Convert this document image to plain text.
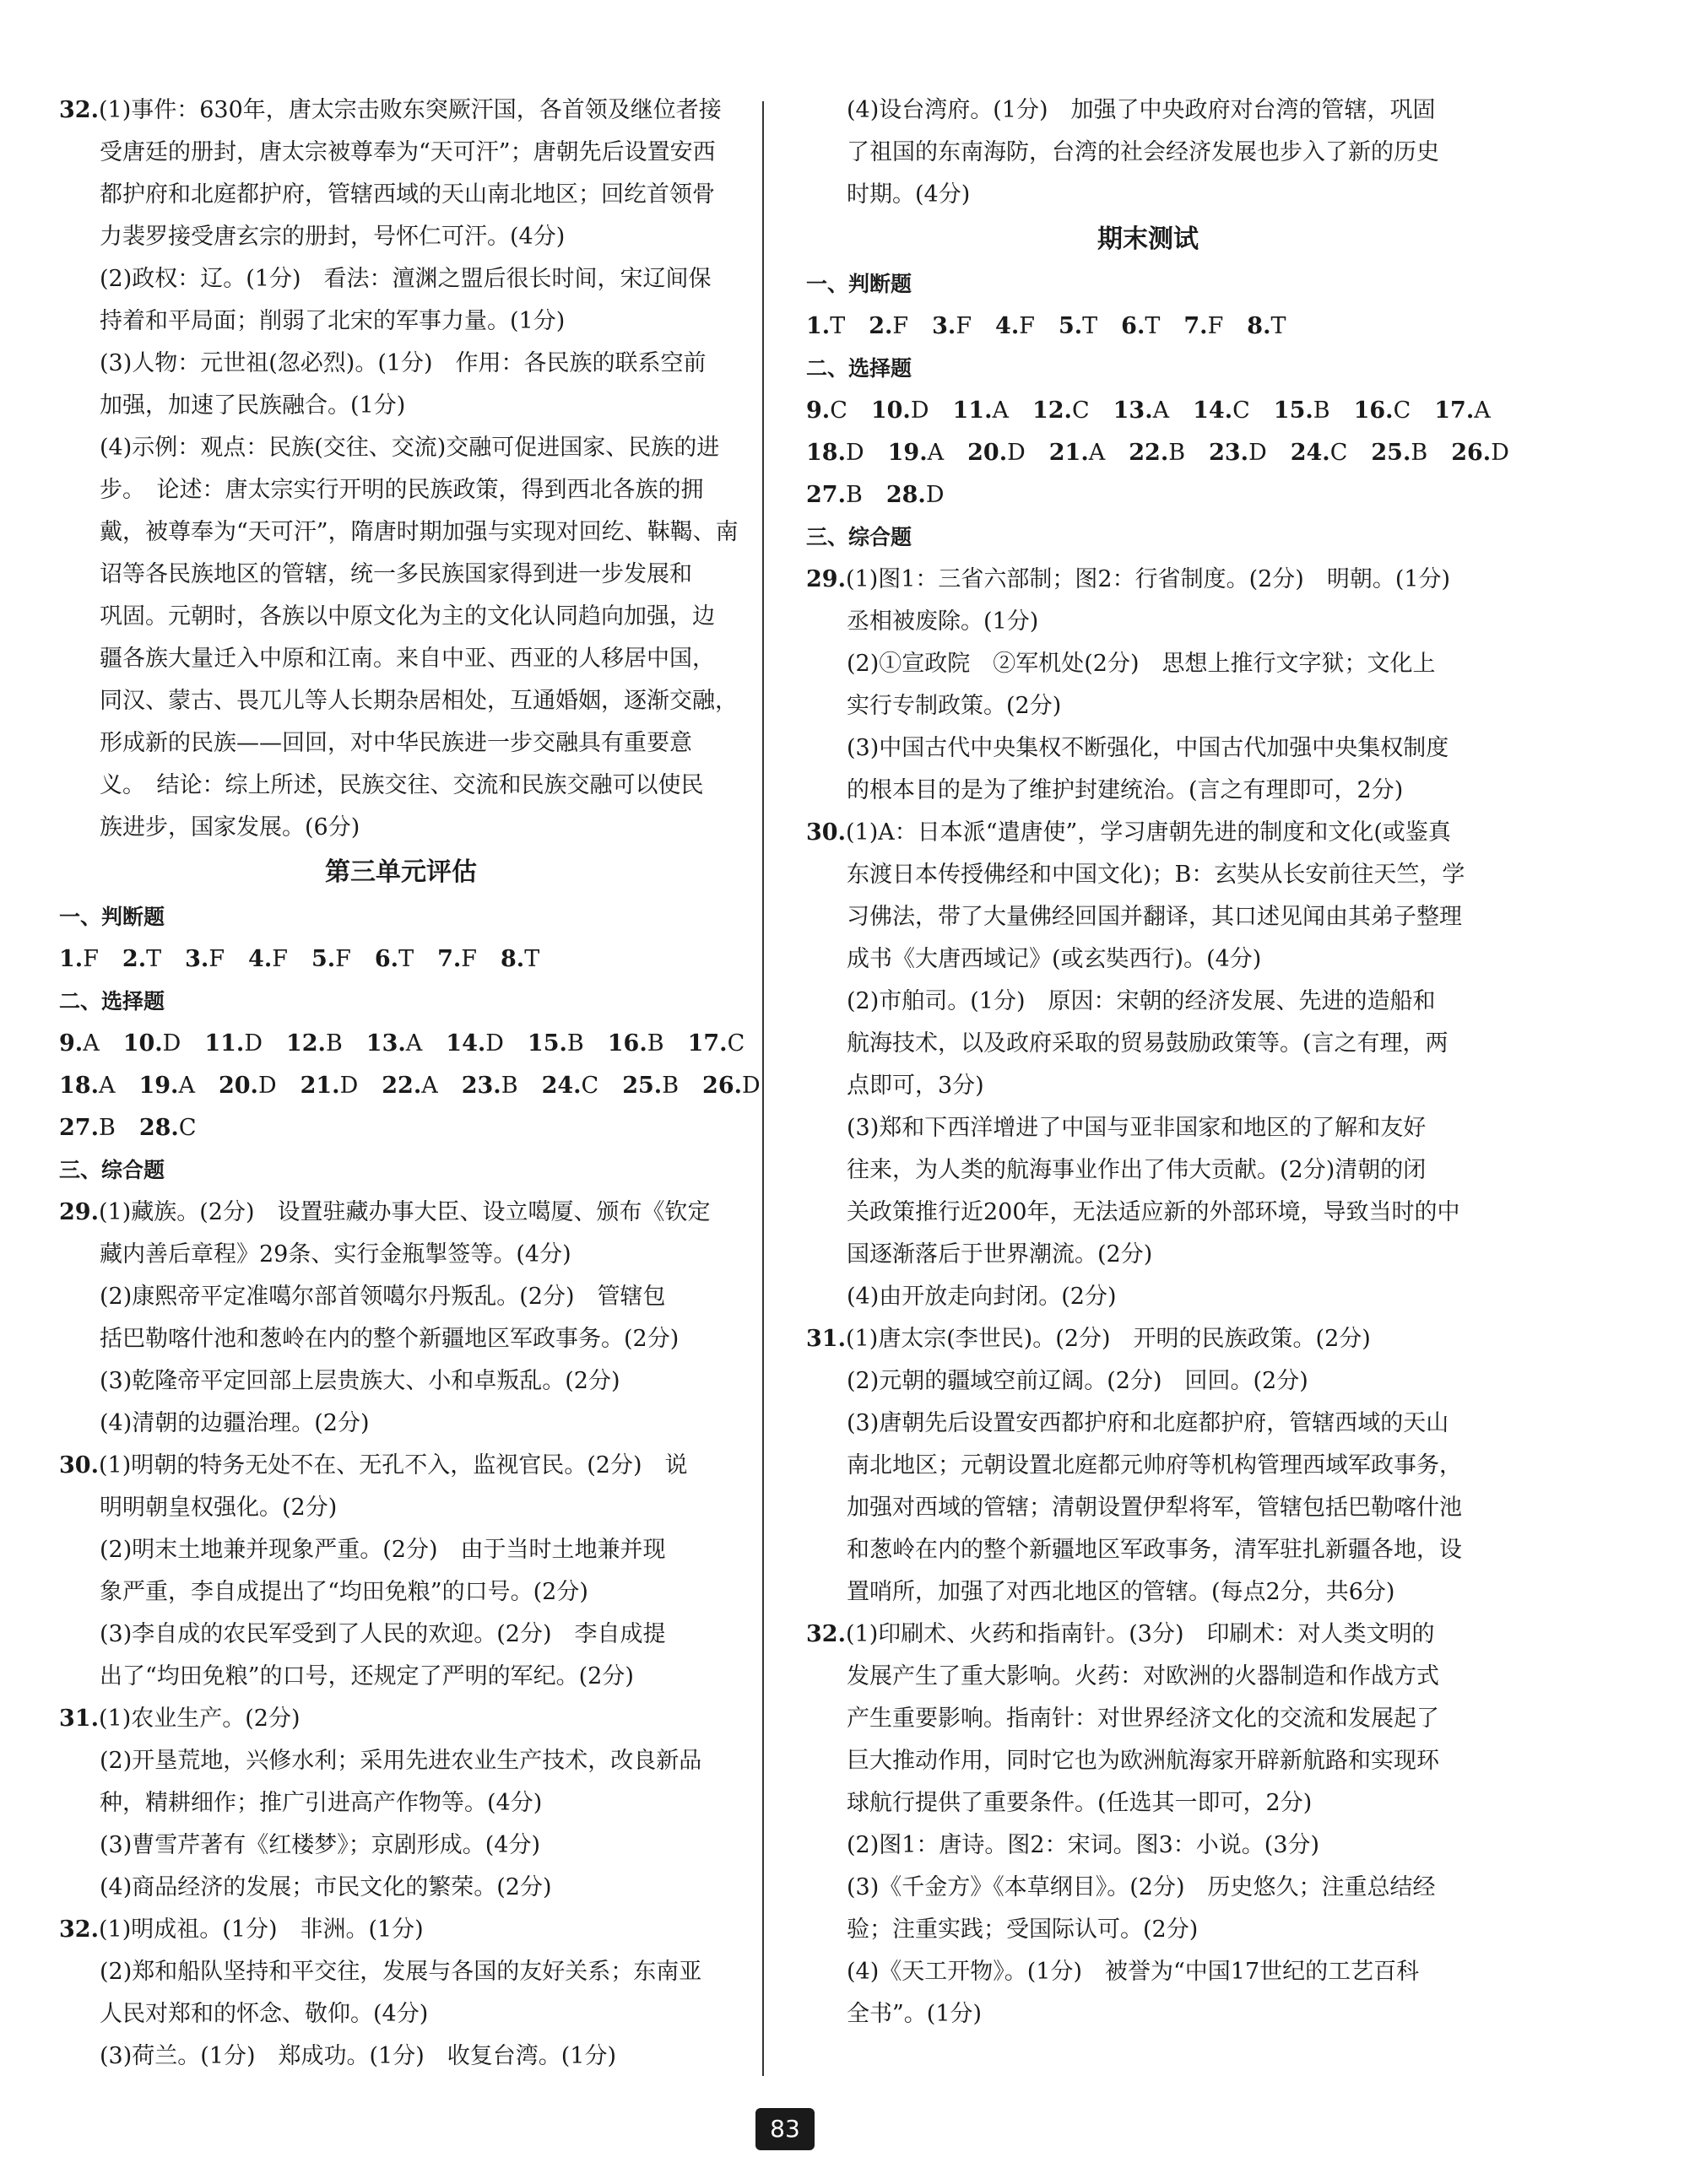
32.(1)事件：630年，唐太宗击败东突厥汗国，各首领及继位者接
受唐廷的册封，唐太宗被尊奉为“天可汗”；唐朝先后设置安西
都护府和北庭都护府，管辖西域的天山南北地区；回纥首领骨
力裴罗接受唐玄宗的册封，号怀仁可汗。(4分)
(2)政权：辽。(1分)　看法：澶渊之盟后很长时间，宋辽间保
持着和平局面；削弱了北宋的军事力量。(1分)
(3)人物：元世祖(忽必烈)。(1分)　作用：各民族的联系空前
加强，加速了民族融合。(1分)
(4)示例：观点：民族(交往、交流)交融可促进国家、民族的进
步。　论述：唐太宗实行开明的民族政策，得到西北各族的拥
戴，被尊奉为“天可汗”，隋唐时期加强与实现对回纥、靺鞨、南
诏等各民族地区的管辖，统一多民族国家得到进一步发展和
巩固。元朝时，各族以中原文化为主的文化认同趋向加强，边
疆各族大量迁入中原和江南。来自中亚、西亚的人移居中国，
同汉、蒙古、畏兀儿等人长期杂居相处，互通婚姻，逐渐交融，
形成新的民族——回回，对中华民族进一步交融具有重要意
义。　结论：综上所述，民族交往、交流和民族交融可以使民
族进步，国家发展。(6分)
第三单元评估
一、判断题
1.F 2.T 3.F 4.F 5.F 6.T 7.F 8.T
二、选择题
9.A 10.D 11.D 12.B 13.A 14.D 15.B 16.B 17.C
18.A 19.A 20.D 21.D 22.A 23.B 24.C 25.B 26.D
27.B 28.C
三、综合题
29.(1)藏族。(2分)　设置驻藏办事大臣、设立噶厦、颁布《钦定
藏内善后章程》29条、实行金瓶掣签等。(4分)
(2)康熙帝平定准噶尔部首领噶尔丹叛乱。(2分)　管辖包
括巴勒喀什池和葱岭在内的整个新疆地区军政事务。(2分)
(3)乾隆帝平定回部上层贵族大、小和卓叛乱。(2分)
(4)清朝的边疆治理。(2分)
30.(1)明朝的特务无处不在、无孔不入，监视官民。(2分)　说
明明朝皇权强化。(2分)
(2)明末土地兼并现象严重。(2分)　由于当时土地兼并现
象严重，李自成提出了“均田免粮”的口号。(2分)
(3)李自成的农民军受到了人民的欢迎。(2分)　李自成提
出了“均田免粮”的口号，还规定了严明的军纪。(2分)
31.(1)农业生产。(2分)
(2)开垦荒地，兴修水利；采用先进农业生产技术，改良新品
种，精耕细作；推广引进高产作物等。(4分)
(3)曹雪芹著有《红楼梦》；京剧形成。(4分)
(4)商品经济的发展；市民文化的繁荣。(2分)
32.(1)明成祖。(1分)　非洲。(1分)
(2)郑和船队坚持和平交往，发展与各国的友好关系；东南亚
人民对郑和的怀念、敬仰。(4分)
(3)荷兰。(1分)　郑成功。(1分)　收复台湾。(1分)
(4)设台湾府。(1分)　加强了中央政府对台湾的管辖，巩固
了祖国的东南海防，台湾的社会经济发展也步入了新的历史
时期。(4分)
期末测试
一、判断题
1.T 2.F 3.F 4.F 5.T 6.T 7.F 8.T
二、选择题
9.C 10.D 11.A 12.C 13.A 14.C 15.B 16.C 17.A
18.D 19.A 20.D 21.A 22.B 23.D 24.C 25.B 26.D
27.B 28.D
三、综合题
29.(1)图1：三省六部制；图2：行省制度。(2分)　明朝。(1分)
丞相被废除。(1分)
(2)①宣政院　②军机处(2分)　思想上推行文字狱；文化上
实行专制政策。(2分)
(3)中国古代中央集权不断强化，中国古代加强中央集权制度
的根本目的是为了维护封建统治。(言之有理即可，2分)
30.(1)A：日本派“遣唐使”，学习唐朝先进的制度和文化(或鉴真
东渡日本传授佛经和中国文化)；B：玄奘从长安前往天竺，学
习佛法，带了大量佛经回国并翻译，其口述见闻由其弟子整理
成书《大唐西域记》(或玄奘西行)。(4分)
(2)市舶司。(1分)　原因：宋朝的经济发展、先进的造船和
航海技术，以及政府采取的贸易鼓励政策等。(言之有理，两
点即可，3分)
(3)郑和下西洋增进了中国与亚非国家和地区的了解和友好
往来，为人类的航海事业作出了伟大贡献。(2分)清朝的闭
关政策推行近200年，无法适应新的外部环境，导致当时的中
国逐渐落后于世界潮流。(2分)
(4)由开放走向封闭。(2分)
31.(1)唐太宗(李世民)。(2分)　开明的民族政策。(2分)
(2)元朝的疆域空前辽阔。(2分)　回回。(2分)
(3)唐朝先后设置安西都护府和北庭都护府，管辖西域的天山
南北地区；元朝设置北庭都元帅府等机构管理西域军政事务，
加强对西域的管辖；清朝设置伊犁将军，管辖包括巴勒喀什池
和葱岭在内的整个新疆地区军政事务，清军驻扎新疆各地，设
置哨所，加强了对西北地区的管辖。(每点2分，共6分)
32.(1)印刷术、火药和指南针。(3分)　印刷术：对人类文明的
发展产生了重大影响。火药：对欧洲的火器制造和作战方式
产生重要影响。指南针：对世界经济文化的交流和发展起了
巨大推动作用，同时它也为欧洲航海家开辟新航路和实现环
球航行提供了重要条件。(任选其一即可，2分)
(2)图1：唐诗。图2：宋词。图3：小说。(3分)
(3)《千金方》《本草纲目》。(2分)　历史悠久；注重总结经
验；注重实践；受国际认可。(2分)
(4)《天工开物》。(1分)　被誉为“中国17世纪的工艺百科
全书”。(1分)
83
